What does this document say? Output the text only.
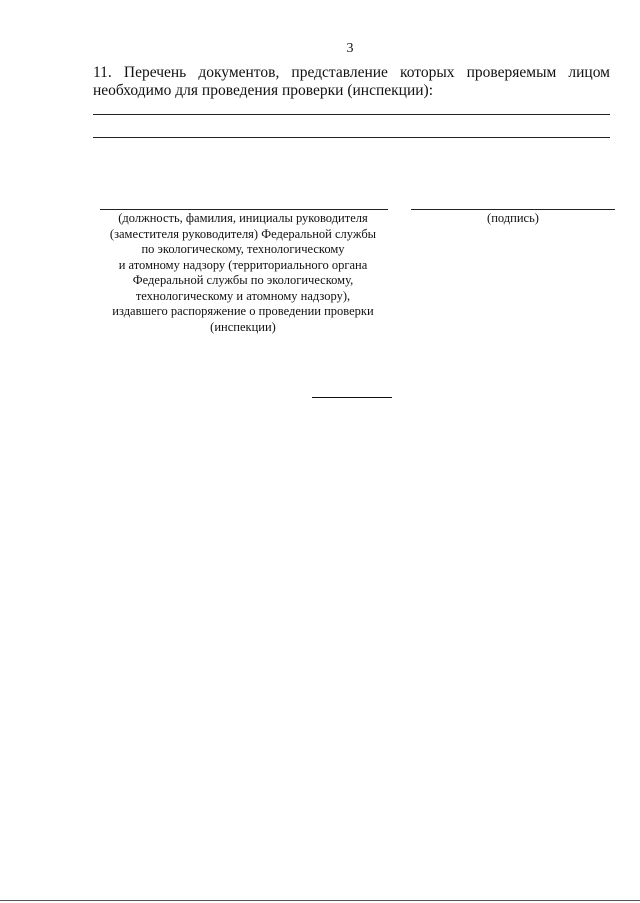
3
11. Перечень документов, представление которых проверяемым лицом
необходимо для проведения проверки (инспекции):
(должность, фамилия, инициалы руководителя
(заместителя руководителя) Федеральной службы
по экологическому, технологическому
и атомному надзору (территориального органа
Федеральной службы по экологическому,
технологическому и атомному надзору),
издавшего распоряжение о проведении проверки
(инспекции)
(подпись)
